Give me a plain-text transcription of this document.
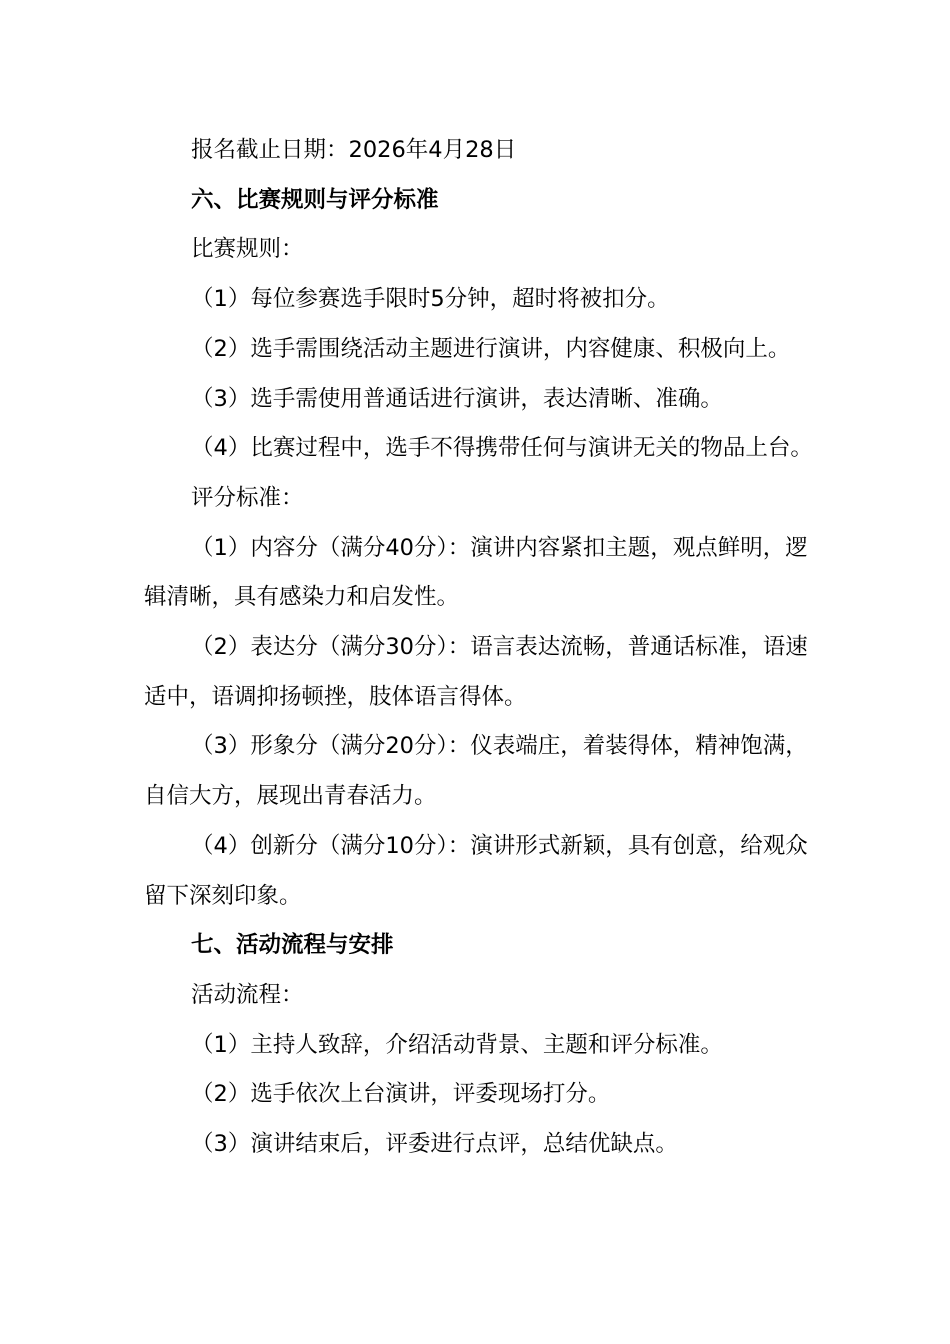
报名截止日期：2026年4月28日

六、比赛规则与评分标准

比赛规则：

（1）每位参赛选手限时5分钟，超时将被扣分。

（2）选手需围绕活动主题进行演讲，内容健康、积极向上。

（3）选手需使用普通话进行演讲，表达清晰、准确。

（4）比赛过程中，选手不得携带任何与演讲无关的物品上台。

评分标准：

（1）内容分（满分40分）：演讲内容紧扣主题，观点鲜明，逻辑清晰，具有感染力和启发性。

（2）表达分（满分30分）：语言表达流畅，普通话标准，语速适中，语调抑扬顿挫，肢体语言得体。

（3）形象分（满分20分）：仪表端庄，着装得体，精神饱满，自信大方，展现出青春活力。

（4）创新分（满分10分）：演讲形式新颖，具有创意，给观众留下深刻印象。

七、活动流程与安排

活动流程：

（1）主持人致辞，介绍活动背景、主题和评分标准。

（2）选手依次上台演讲，评委现场打分。

（3）演讲结束后，评委进行点评，总结优缺点。
